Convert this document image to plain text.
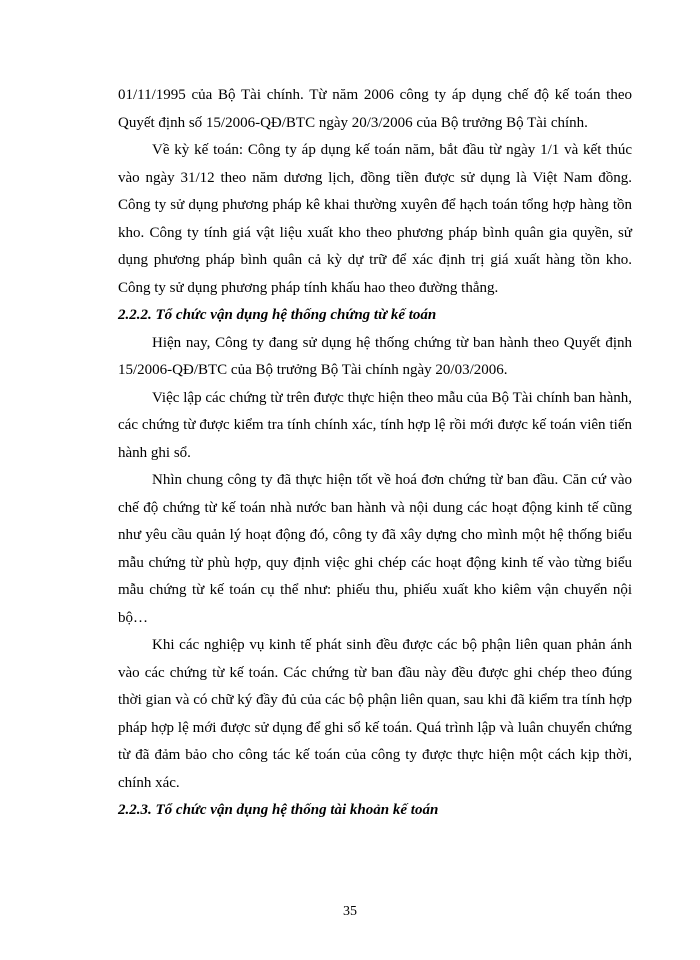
01/11/1995 của Bộ Tài chính. Từ năm 2006 công ty áp dụng chế độ kế toán theo Quyết định số 15/2006-QĐ/BTC ngày 20/3/2006 của Bộ trưởng Bộ Tài chính.

Về kỳ kế toán: Công ty áp dụng kế toán năm, bắt đầu từ ngày 1/1 và kết thúc vào ngày 31/12 theo năm dương lịch, đồng tiền được sử dụng là Việt Nam đồng. Công ty sử dụng phương pháp kê khai thường xuyên để hạch toán tổng hợp hàng tồn kho. Công ty tính giá vật liệu xuất kho theo phương pháp bình quân gia quyền, sử dụng phương pháp bình quân cả kỳ dự trữ để xác định trị giá xuất hàng tồn kho. Công ty sử dụng phương pháp tính khấu hao theo đường thẳng.

2.2.2. Tổ chức vận dụng hệ thống chứng từ kế toán

Hiện nay, Công ty đang sử dụng hệ thống chứng từ ban hành theo Quyết định 15/2006-QĐ/BTC của Bộ trưởng Bộ Tài chính ngày 20/03/2006.

Việc lập các chứng từ trên được thực hiện theo mẫu của Bộ Tài chính ban hành, các chứng từ được kiểm tra tính chính xác, tính hợp lệ rồi mới được kế toán viên tiến hành ghi sổ.

Nhìn chung công ty đã thực hiện tốt về hoá đơn chứng từ ban đầu. Căn cứ vào chế độ chứng từ kế toán nhà nước ban hành và nội dung các hoạt động kinh tế cũng như yêu cầu quản lý hoạt động đó, công ty đã xây dựng cho mình một hệ thống biểu mẫu chứng từ phù hợp, quy định việc ghi chép các hoạt động kinh tế vào từng biểu mẫu chứng từ kế toán cụ thể như: phiếu thu, phiếu xuất kho kiêm vận chuyển nội bộ…

Khi các nghiệp vụ kinh tế phát sinh đều được các bộ phận liên quan phản ánh vào các chứng từ kế toán. Các chứng từ ban đầu này đều được ghi chép theo đúng thời gian và có chữ ký đầy đủ của các bộ phận liên quan, sau khi đã kiểm tra tính hợp pháp hợp lệ mới được sử dụng để ghi sổ kế toán. Quá trình lập và luân chuyển chứng từ đã đảm bảo cho công tác kế toán của công ty được thực hiện một cách kịp thời, chính xác.

2.2.3. Tổ chức vận dụng hệ thống tài khoản kế toán

35
